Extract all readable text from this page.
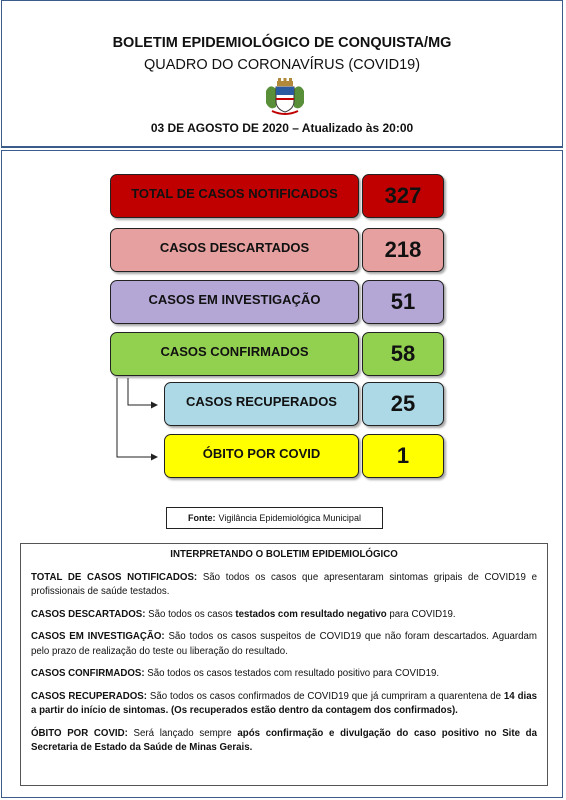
BOLETIM EPIDEMIOLÓGICO DE CONQUISTA/MG
QUADRO DO CORONAVÍRUS (COVID19)
03 DE AGOSTO DE 2020 – Atualizado às 20:00
TOTAL DE CASOS NOTIFICADOS 327
CASOS DESCARTADOS	218
CASOS EM INVESTIGAÇÃO	51
CASOS CONFIRMADOS	58
CASOS RECUPERADOS 25
ÓBITO POR COVID	1
Fonte: Vigilância Epidemiológica Municipal
INTERPRETANDO O BOLETIM EPIDEMIOLÓGICO

TOTAL DE CASOS NOTIFICADOS: São todos os casos que apresentaram sintomas gripais de COVID19 e profissionais de saúde testados.

CASOS DESCARTADOS: São todos os casos testados com resultado negativo para COVID19.

CASOS EM INVESTIGAÇÃO: São todos os casos suspeitos de COVID19 que não foram descartados. Aguardam pelo prazo de realização do teste ou liberação do resultado.

CASOS CONFIRMADOS: São todos os casos testados com resultado positivo para COVID19.

CASOS RECUPERADOS: São todos os casos confirmados de COVID19 que já cumpriram a quarentena de 14 dias a partir do início de sintomas. (Os recuperados estão dentro da contagem dos confirmados).

ÓBITO POR COVID: Será lançado sempre após confirmação e divulgação do caso positivo no Site da Secretaria de Estado da Saúde de Minas Gerais.
